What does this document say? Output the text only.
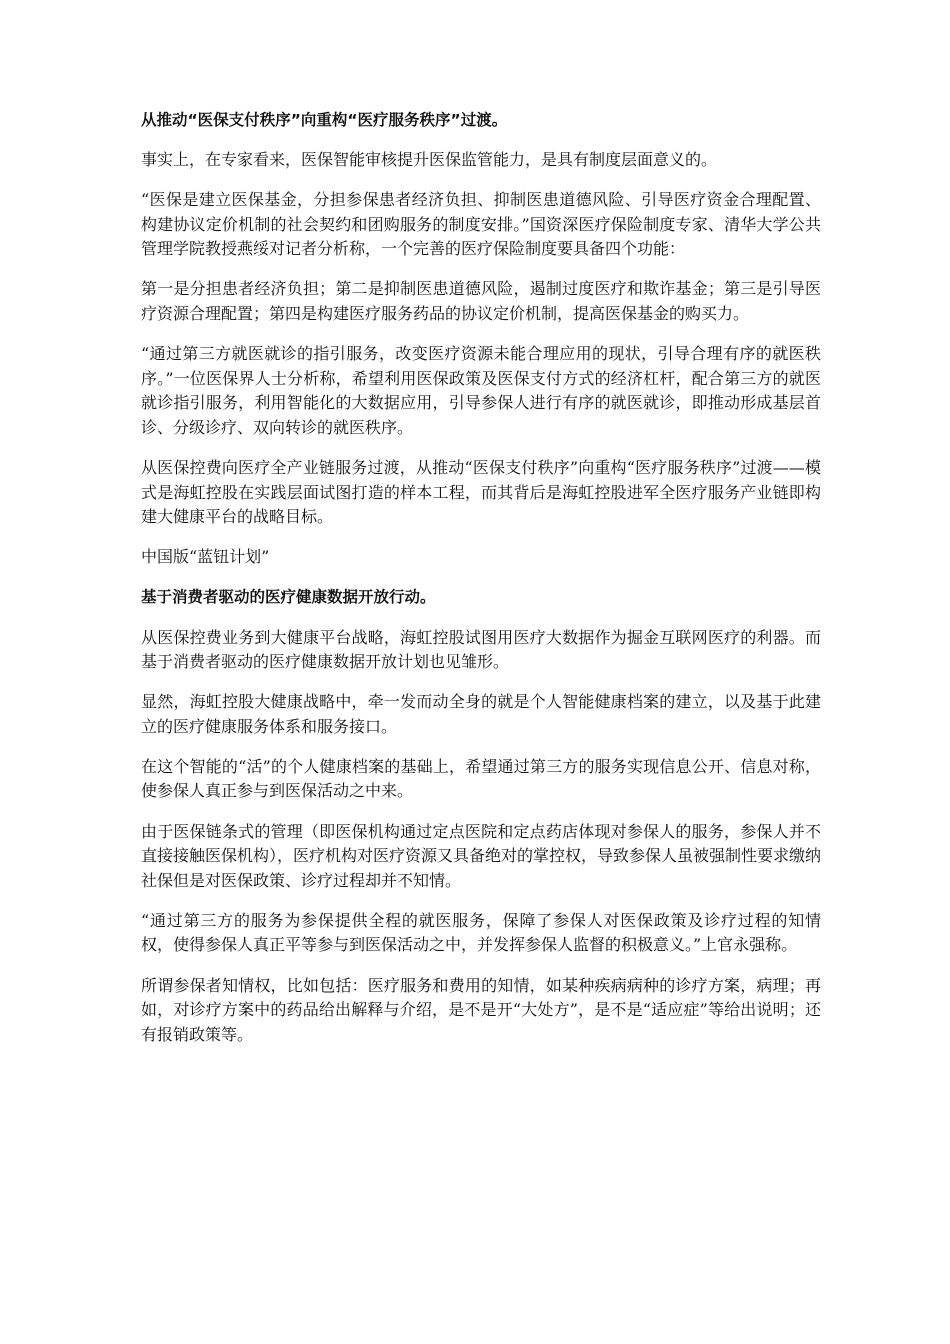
从推动“医保支付秩序”向重构“医疗服务秩序”过渡。

事实上，在专家看来，医保智能审核提升医保监管能力，是具有制度层面意义的。

“医保是建立医保基金，分担参保患者经济负担、抑制医患道德风险、引导医疗资金合理配置、构建协议定价机制的社会契约和团购服务的制度安排。”国资深医疗保险制度专家、清华大学公共管理学院教授燕绥对记者分析称，一个完善的医疗保险制度要具备四个功能：

第一是分担患者经济负担；第二是抑制医患道德风险，遏制过度医疗和欺诈基金；第三是引导医疗资源合理配置；第四是构建医疗服务药品的协议定价机制，提高医保基金的购买力。

“通过第三方就医就诊的指引服务，改变医疗资源未能合理应用的现状，引导合理有序的就医秩序。”一位医保界人士分析称，希望利用医保政策及医保支付方式的经济杠杆，配合第三方的就医就诊指引服务，利用智能化的大数据应用，引导参保人进行有序的就医就诊，即推动形成基层首诊、分级诊疗、双向转诊的就医秩序。

从医保控费向医疗全产业链服务过渡，从推动“医保支付秩序”向重构“医疗服务秩序”过渡——模式是海虹控股在实践层面试图打造的样本工程，而其背后是海虹控股进军全医疗服务产业链即构建大健康平台的战略目标。

中国版“蓝钮计划”

基于消费者驱动的医疗健康数据开放行动。

从医保控费业务到大健康平台战略，海虹控股试图用医疗大数据作为掘金互联网医疗的利器。而基于消费者驱动的医疗健康数据开放计划也见雏形。

显然，海虹控股大健康战略中，牵一发而动全身的就是个人智能健康档案的建立，以及基于此建立的医疗健康服务体系和服务接口。

在这个智能的“活”的个人健康档案的基础上，希望通过第三方的服务实现信息公开、信息对称，使参保人真正参与到医保活动之中来。

由于医保链条式的管理（即医保机构通过定点医院和定点药店体现对参保人的服务，参保人并不直接接触医保机构），医疗机构对医疗资源又具备绝对的掌控权，导致参保人虽被强制性要求缴纳社保但是对医保政策、诊疗过程却并不知情。

“通过第三方的服务为参保提供全程的就医服务，保障了参保人对医保政策及诊疗过程的知情权，使得参保人真正平等参与到医保活动之中，并发挥参保人监督的积极意义。”上官永强称。

所谓参保者知情权，比如包括：医疗服务和费用的知情，如某种疾病病种的诊疗方案，病理；再如，对诊疗方案中的药品给出解释与介绍，是不是开“大处方”，是不是“适应症”等给出说明；还有报销政策等。
